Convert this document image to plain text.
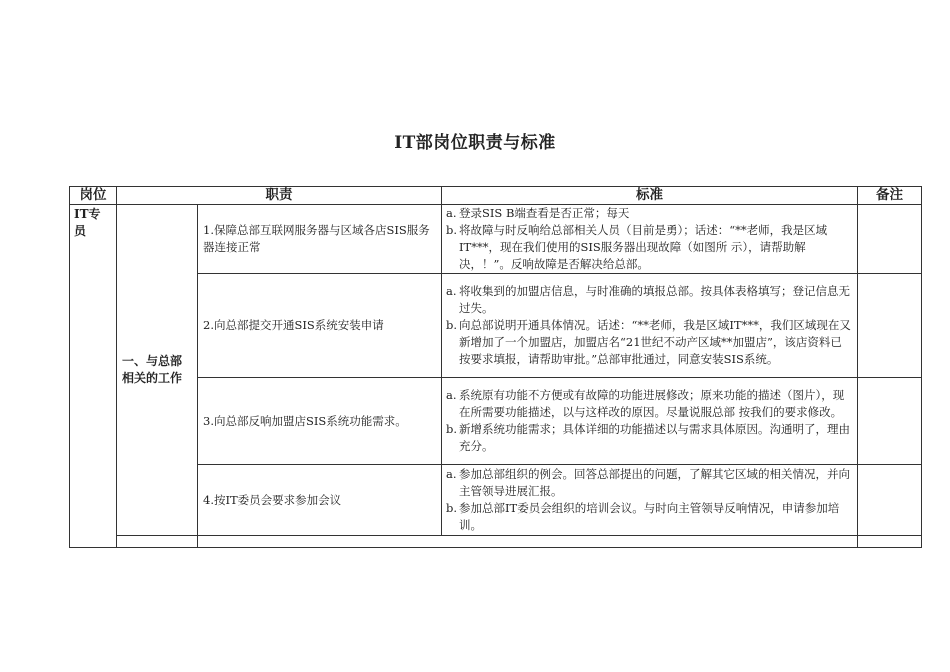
IT部岗位职责与标准
岗位	职责		标准	备注
IT专员	一、与总部相关的工作	1.保障总部互联网服务器与区域各店SIS服务器连接正常	a. 登录SIS B端查看是否正常；每天
b. 将故障与时反响给总部相关人员（目前是勇）；话述：“**老师，我是区域IT***，现在我们使用的SIS服务器出现故障（如图所 示），请帮助解决，！”。反响故障是否解决给总部。	

		2.向总部提交开通SIS系统安装申请	a. 将收集到的加盟店信息，与时准确的填报总部。按具体表格填写；登记信息无过失。
b. 向总部说明开通具体情况。话述：“**老师，我是区域IT***，我们区域现在又新增加了一个加盟店，加盟店名“21世纪不动产区域**加盟店”，该店资料已按要求填报，请帮助审批。”总部审批通过，同意安装SIS系统。	

		3.向总部反响加盟店SIS系统功能需求。	a. 系统原有功能不方便或有故障的功能进展修改；原来功能的描述（图片），现在所需要功能描述，以与这样改的原因。尽量说服总部 按我们的要求修改。
b. 新增系统功能需求；具体详细的功能描述以与需求具体原因。沟通明了，理由充分。	

		4.按IT委员会要求参加会议	a. 参加总部组织的例会。回答总部提出的问题，了解其它区域的相关情况，并向主管领导进展汇报。
b. 参加总部IT委员会组织的培训会议。与时向主管领导反响情况，申请参加培训。	
